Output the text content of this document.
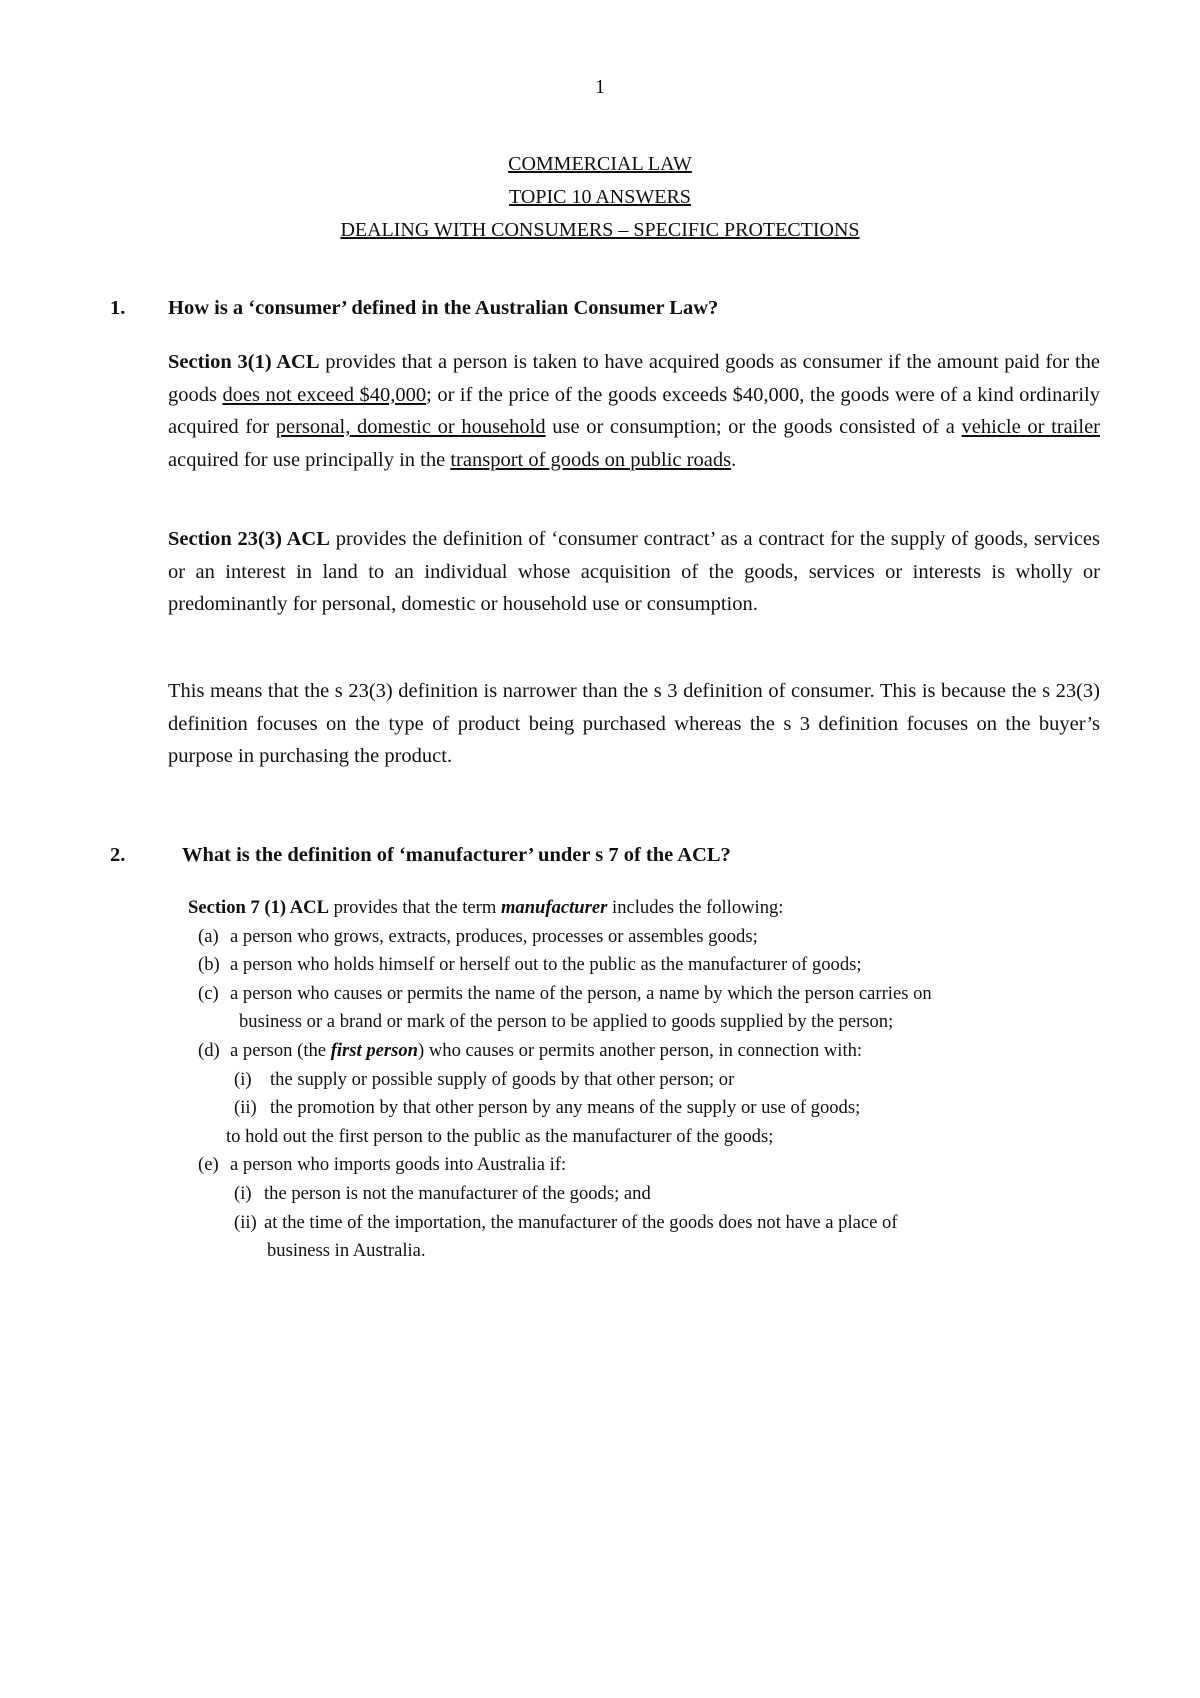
1
COMMERCIAL LAW
TOPIC 10 ANSWERS
DEALING WITH CONSUMERS – SPECIFIC PROTECTIONS
1. How is a ‘consumer’ defined in the Australian Consumer Law?

Section 3(1) ACL provides that a person is taken to have acquired goods as consumer if the amount paid for the goods does not exceed $40,000; or if the price of the goods exceeds $40,000, the goods were of a kind ordinarily acquired for personal, domestic or household use or consumption; or the goods consisted of a vehicle or trailer acquired for use principally in the transport of goods on public roads.

Section 23(3) ACL provides the definition of ‘consumer contract’ as a contract for the supply of goods, services or an interest in land to an individual whose acquisition of the goods, services or interests is wholly or predominantly for personal, domestic or household use or consumption.

This means that the s 23(3) definition is narrower than the s 3 definition of consumer. This is because the s 23(3) definition focuses on the type of product being purchased whereas the s 3 definition focuses on the buyer’s purpose in purchasing the product.

2.	What is the definition of ‘manufacturer’ under s 7 of the ACL?
Section 7 (1) ACL provides that the term manufacturer includes the following:
(a) a person who grows, extracts, produces, processes or assembles goods;
(b) a person who holds himself or herself out to the public as the manufacturer of goods;
(c) a person who causes or permits the name of the person, a name by which the person carries on
business or a brand or mark of the person to be applied to goods supplied by the person;
(d) a person (the first person) who causes or permits another person, in connection with:
(i) the supply or possible supply of goods by that other person; or
(ii) the promotion by that other person by any means of the supply or use of goods;
to hold out the first person to the public as the manufacturer of the goods;
(e) a person who imports goods into Australia if:
(i) the person is not the manufacturer of the goods; and
(ii) at the time of the importation, the manufacturer of the goods does not have a place of
business in Australia.
